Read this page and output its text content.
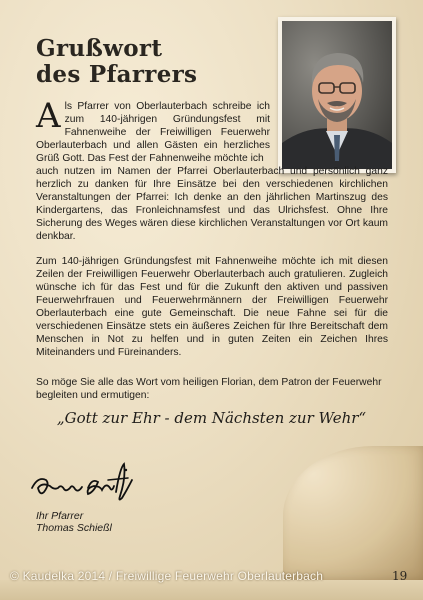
Grußwort
des Pfarrers

A ls Pfarrer von Oberlauterbach schreibe ich zum 140-jährigen Gründungsfest mit Fahnenweihe der Freiwilligen Feuerwehr Oberlauterbach und allen Gästen ein herzliches Grüß Gott. Das Fest der Fahnenweihe möchte ich

auch nutzen im Namen der Pfarrei Oberlauterbach und persönlich ganz herzlich zu danken für Ihre Einsätze bei den verschiedenen kirchlichen Veranstaltungen der Pfarrei: Ich denke an den jährlichen Martinszug des Kindergartens, das Fronleichnamsfest und das Ulrichsfest. Ohne Ihre Sicherung des Weges wären diese kirchlichen Veranstaltungen vor Ort kaum denkbar.

Zum 140-jährigen Gründungsfest mit Fahnenweihe möchte ich mit diesen Zeilen der Freiwilligen Feuerwehr Oberlauterbach auch gratulieren. Zugleich wünsche ich für das Fest und für die Zukunft den aktiven und passiven Feuerwehrfrauen und Feuerwehrmännern der Freiwilligen Feuerwehr Oberlauterbach eine gute Gemeinschaft. Die neue Fahne sei für die verschiedenen Einsätze stets ein äußeres Zeichen für Ihre Bereitschaft dem Menschen in Not zu helfen und in guten Zeiten ein Zeichen Ihres Miteinanders und Füreinanders.

So möge Sie alle das Wort vom heiligen Florian, dem Patron der Feuerwehr begleiten und ermutigen:

„Gott zur Ehr - dem Nächsten zur Wehr“

Ihr Pfarrer
Thomas Schießl
© Kaudelka 2014 / Freiwillige Feuerwehr Oberlauterbach	19
